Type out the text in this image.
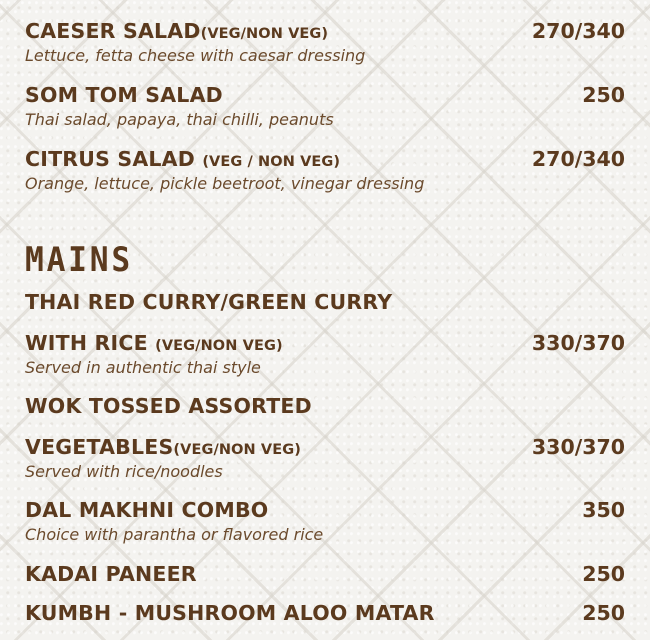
CAESER SALAD(VEG/NON VEG)	270/340
Lettuce, fetta cheese with caesar dressing
SOM TOM SALAD	250
Thai salad, papaya, thai chilli, peanuts
CITRUS SALAD (VEG / NON VEG)	270/340
Orange, lettuce, pickle beetroot, vinegar dressing
MAINS
THAI RED CURRY/GREEN CURRY
WITH RICE (VEG/NON VEG)	330/370
Served in authentic thai style
WOK TOSSED ASSORTED
VEGETABLES(VEG/NON VEG)	330/370
Served with rice/noodles
DAL MAKHNI COMBO	350
Choice with parantha or flavored rice
KADAI PANEER	250
KUMBH - MUSHROOM ALOO MATAR	250
